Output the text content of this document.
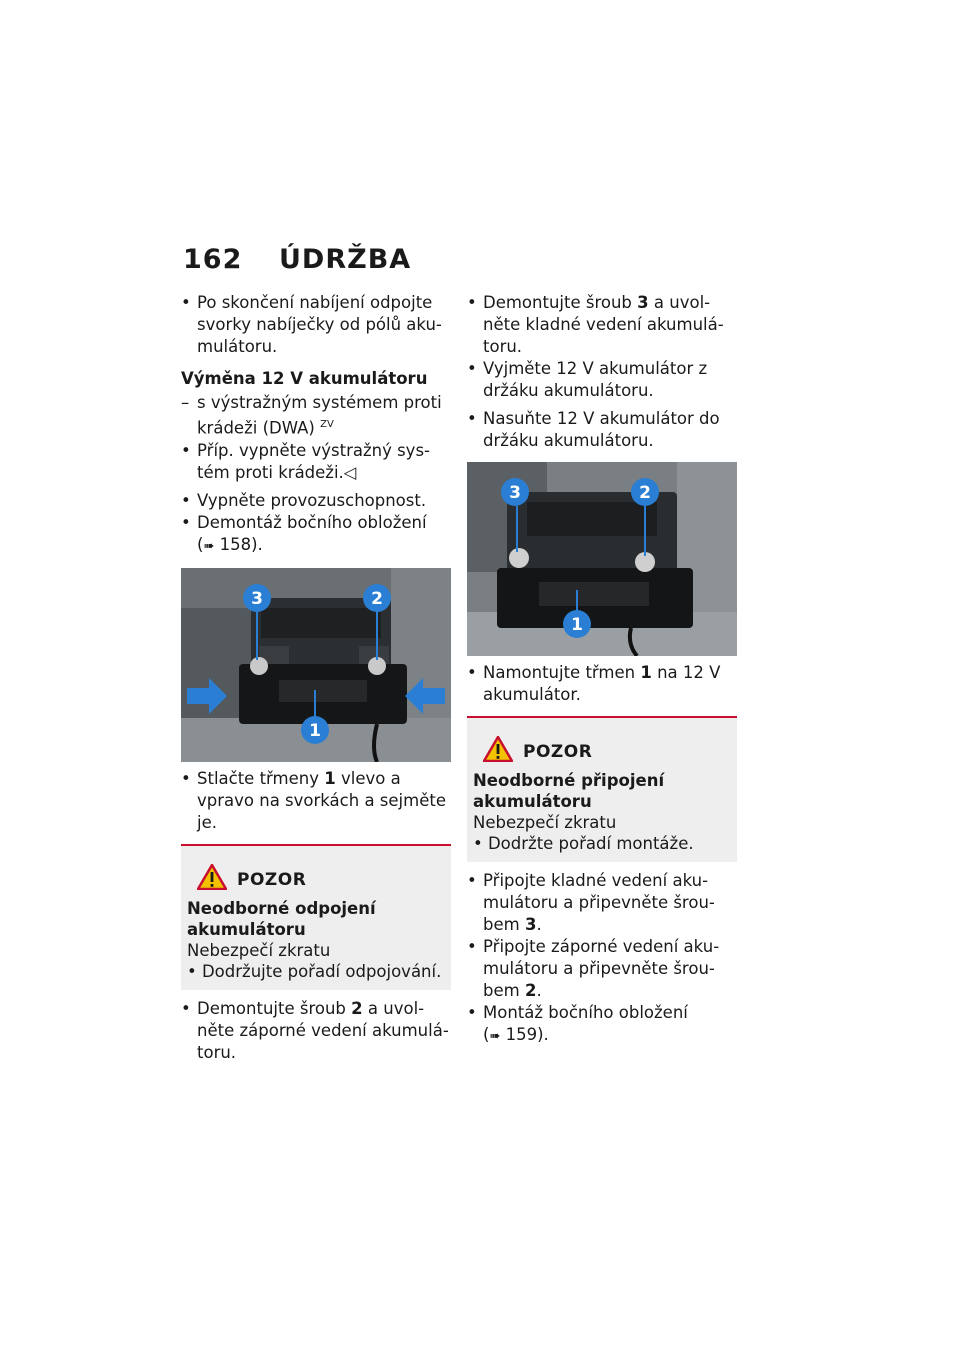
162 ÚDRŽBA
•
Po skončení nabíjení odpojte svorky nabíječky od pólů akumulátoru.
Výměna 12 V akumulátoru
–
s výstražným systémem proti krádeži (DWA) $^{ZV}$
•
Příp. vypněte výstražný systém proti krádeži.◁
•
Vypněte provozuschopnost.
•
Demontáž bočního obložení
(➠ 158).
3	2
1
•
Stlačte třmeny 1 vlevo a vpravo na svorkách a sejměte je.
POZOR
Neodborné odpojení akumulátoru
Nebezpečí zkratu
• Dodržujte pořadí odpojování.
•
Demontujte šroub 2 a uvolněte záporné vedení akumulátoru.
•
Demontujte šroub 3 a uvolněte kladné vedení akumulátoru.
•
Vyjměte 12 V akumulátor z držáku akumulátoru.
•
Nasuňte 12 V akumulátor do držáku akumulátoru.
3	2
1
•
Namontujte třmen 1 na 12 V akumulátor.
POZOR
Neodborné připojení akumulátoru
Nebezpečí zkratu
• Dodržte pořadí montáže.
•
Připojte kladné vedení akumulátoru a připevněte šroubem 3.
•
Připojte záporné vedení akumulátoru a připevněte šroubem 2.
•
Montáž bočního obložení
(➠ 159).
